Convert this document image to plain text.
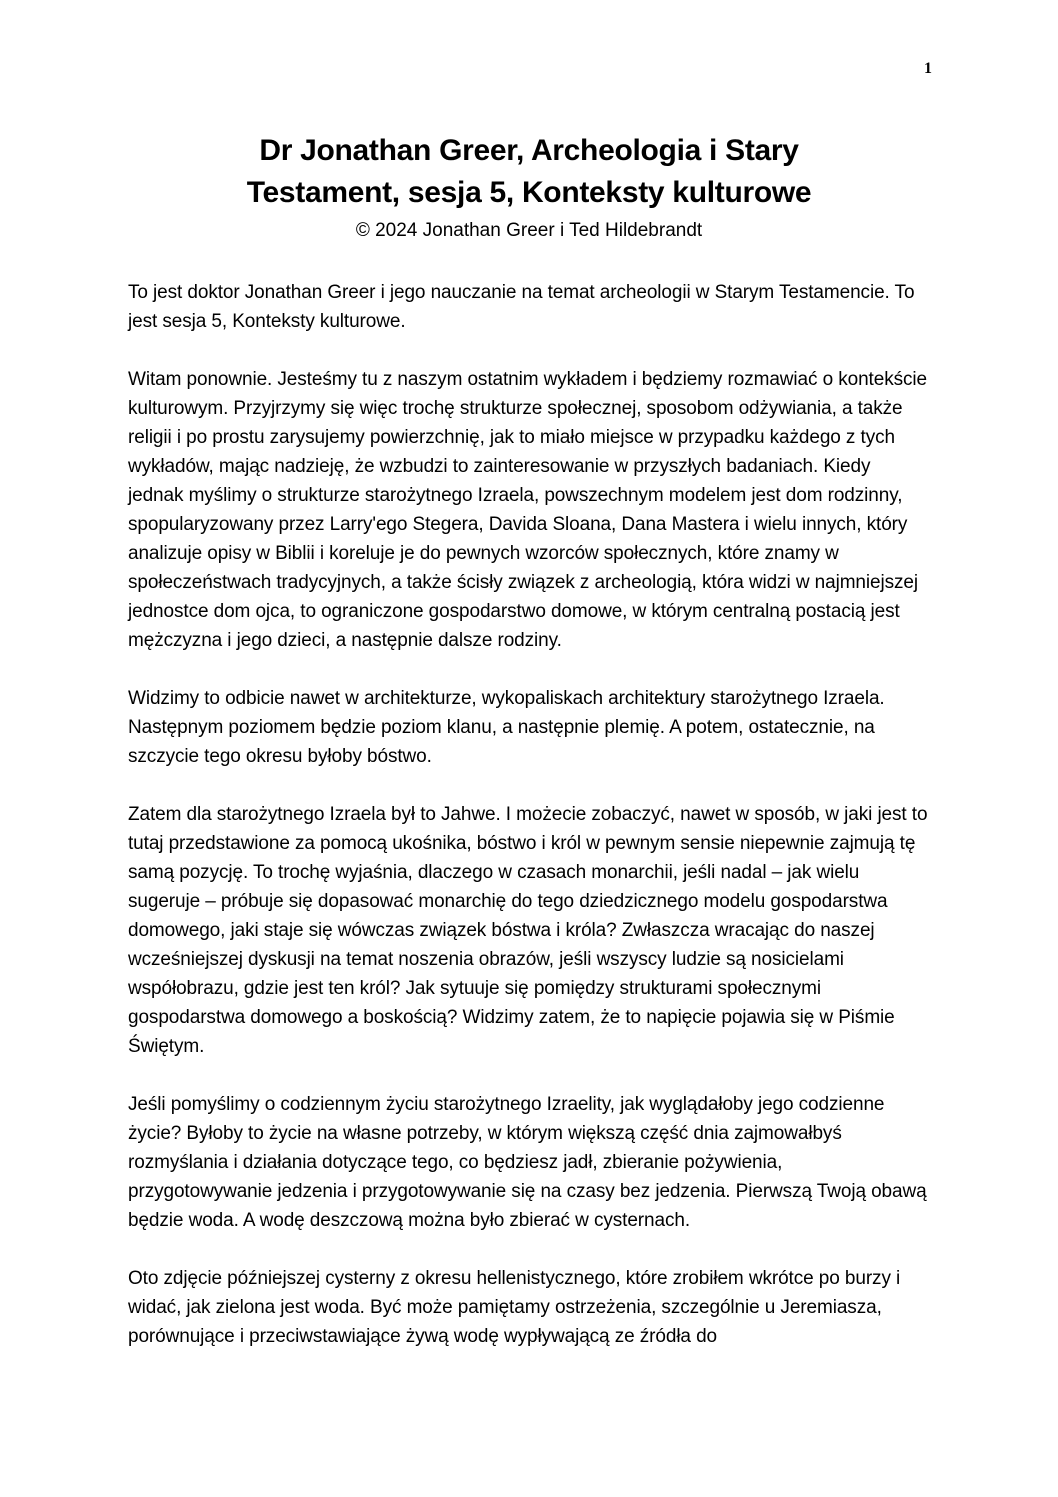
1
Dr Jonathan Greer, Archeologia i Stary
Testament, sesja 5, Konteksty kulturowe
© 2024 Jonathan Greer i Ted Hildebrandt

To jest doktor Jonathan Greer i jego nauczanie na temat archeologii w Starym Testamencie. To jest sesja 5, Konteksty kulturowe.

Witam ponownie. Jesteśmy tu z naszym ostatnim wykładem i będziemy rozmawiać o kontekście kulturowym. Przyjrzymy się więc trochę strukturze społecznej, sposobom odżywiania, a także religii i po prostu zarysujemy powierzchnię, jak to miało miejsce w przypadku każdego z tych wykładów, mając nadzieję, że wzbudzi to zainteresowanie w przyszłych badaniach. Kiedy jednak myślimy o strukturze starożytnego Izraela, powszechnym modelem jest dom rodzinny, spopularyzowany przez Larry'ego Stegera, Davida Sloana, Dana Mastera i wielu innych, który analizuje opisy w Biblii i koreluje je do pewnych wzorców społecznych, które znamy w społeczeństwach tradycyjnych, a także ścisły związek z archeologią, która widzi w najmniejszej jednostce dom ojca, to ograniczone gospodarstwo domowe, w którym centralną postacią jest mężczyzna i jego dzieci, a następnie dalsze rodziny.

Widzimy to odbicie nawet w architekturze, wykopaliskach architektury starożytnego Izraela. Następnym poziomem będzie poziom klanu, a następnie plemię. A potem, ostatecznie, na szczycie tego okresu byłoby bóstwo.

Zatem dla starożytnego Izraela był to Jahwe. I możecie zobaczyć, nawet w sposób, w jaki jest to tutaj przedstawione za pomocą ukośnika, bóstwo i król w pewnym sensie niepewnie zajmują tę samą pozycję. To trochę wyjaśnia, dlaczego w czasach monarchii, jeśli nadal – jak wielu sugeruje – próbuje się dopasować monarchię do tego dziedzicznego modelu gospodarstwa domowego, jaki staje się wówczas związek bóstwa i króla? Zwłaszcza wracając do naszej wcześniejszej dyskusji na temat noszenia obrazów, jeśli wszyscy ludzie są nosicielami współobrazu, gdzie jest ten król? Jak sytuuje się pomiędzy strukturami społecznymi gospodarstwa domowego a boskością? Widzimy zatem, że to napięcie pojawia się w Piśmie Świętym.

Jeśli pomyślimy o codziennym życiu starożytnego Izraelity, jak wyglądałoby jego codzienne życie? Byłoby to życie na własne potrzeby, w którym większą część dnia zajmowałbyś rozmyślania i działania dotyczące tego, co będziesz jadł, zbieranie pożywienia, przygotowywanie jedzenia i przygotowywanie się na czasy bez jedzenia. Pierwszą Twoją obawą będzie woda. A wodę deszczową można było zbierać w cysternach.

Oto zdjęcie późniejszej cysterny z okresu hellenistycznego, które zrobiłem wkrótce po burzy i widać, jak zielona jest woda. Być może pamiętamy ostrzeżenia, szczególnie u Jeremiasza, porównujące i przeciwstawiające żywą wodę wypływającą ze źródła do
